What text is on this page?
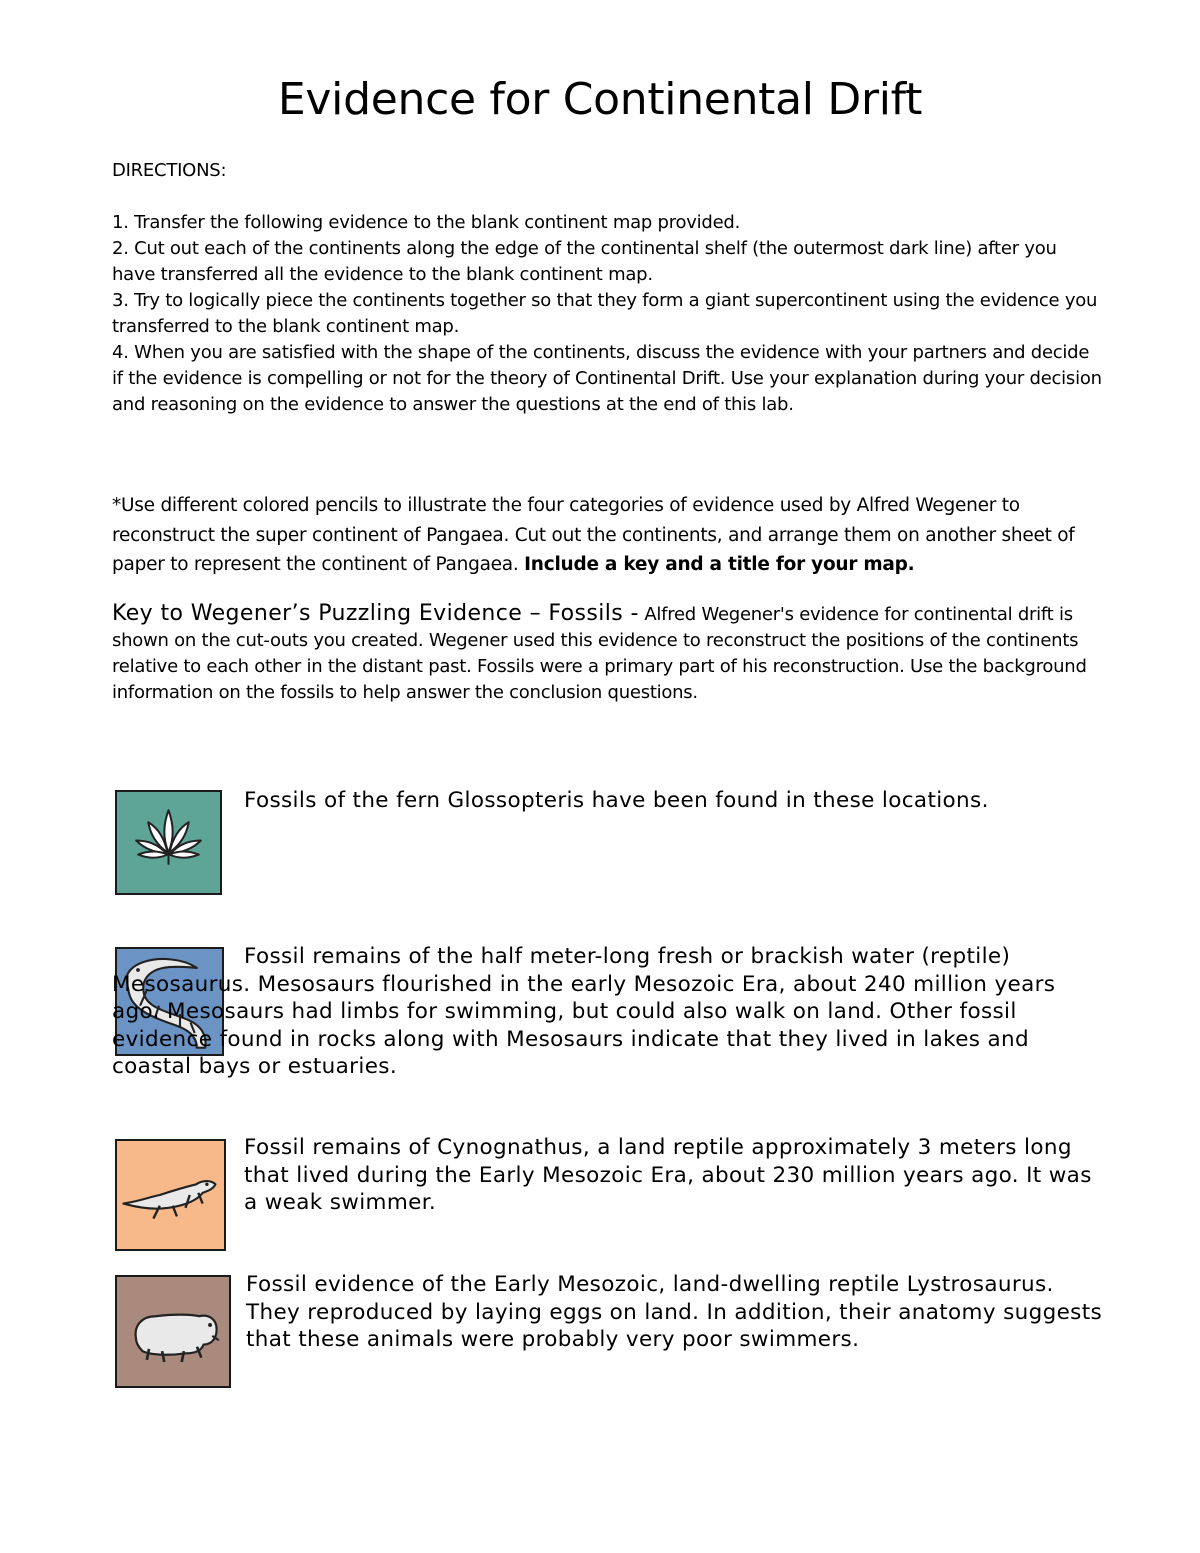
Evidence for Continental Drift

DIRECTIONS:

1. Transfer the following evidence to the blank continent map provided.

2. Cut out each of the continents along the edge of the continental shelf (the outermost dark line) after you have transferred all the evidence to the blank continent map.

3. Try to logically piece the continents together so that they form a giant supercontinent using the evidence you transferred to the blank continent map.

4. When you are satisfied with the shape of the continents, discuss the evidence with your partners and decide if the evidence is compelling or not for the theory of Continental Drift. Use your explanation during your decision and reasoning on the evidence to answer the questions at the end of this lab.

*Use different colored pencils to illustrate the four categories of evidence used by Alfred Wegener to reconstruct the super continent of Pangaea. Cut out the continents, and arrange them on another sheet of paper to represent the continent of Pangaea. Include a key and a title for your map.

Key to Wegener’s Puzzling Evidence – Fossils - Alfred Wegener's evidence for continental drift is shown on the cut-outs you created. Wegener used this evidence to reconstruct the positions of the continents relative to each other in the distant past. Fossils were a primary part of his reconstruction. Use the background information on the fossils to help answer the conclusion questions.

Fossils of the fern Glossopteris have been found in these locations.

Fossil remains of the half meter-long fresh or brackish water (reptile) Mesosaurus. Mesosaurs flourished in the early Mesozoic Era, about 240 million years ago. Mesosaurs had limbs for swimming, but could also walk on land. Other fossil evidence found in rocks along with Mesosaurs indicate that they lived in lakes and coastal bays or estuaries.

Fossil remains of Cynognathus, a land reptile approximately 3 meters long that lived during the Early Mesozoic Era, about 230 million years ago. It was a weak swimmer.

Fossil evidence of the Early Mesozoic, land-dwelling reptile Lystrosaurus. They reproduced by laying eggs on land. In addition, their anatomy suggests that these animals were probably very poor swimmers.
